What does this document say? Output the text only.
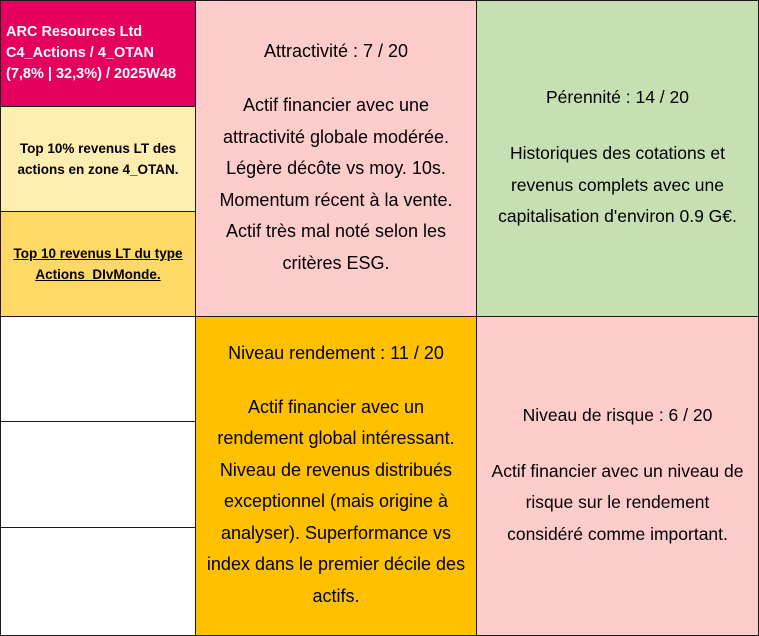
ARC Resources Ltd
C4_Actions / 4_OTAN
(7,8% | 32,3%) / 2025W48
Top 10% revenus LT des actions en zone 4_OTAN.
Top 10 revenus LT du type Actions_DIvMonde.
Attractivité : 7 / 20
Actif financier avec une
attractivité globale modérée.
Légère décôte vs moy. 10s.
Momentum récent à la vente.
Actif très mal noté selon les
critères ESG.
Pérennité : 14 / 20
Historiques des cotations et
revenus complets avec une
capitalisation d'environ 0.9 G€.
Niveau rendement : 11 / 20
Actif financier avec un
rendement global intéressant.
Niveau de revenus distribués
exceptionnel (mais origine à
analyser). Superformance vs
index dans le premier décile des
actifs.
Niveau de risque : 6 / 20
Actif financier avec un niveau de
risque sur le rendement
considéré comme important.
